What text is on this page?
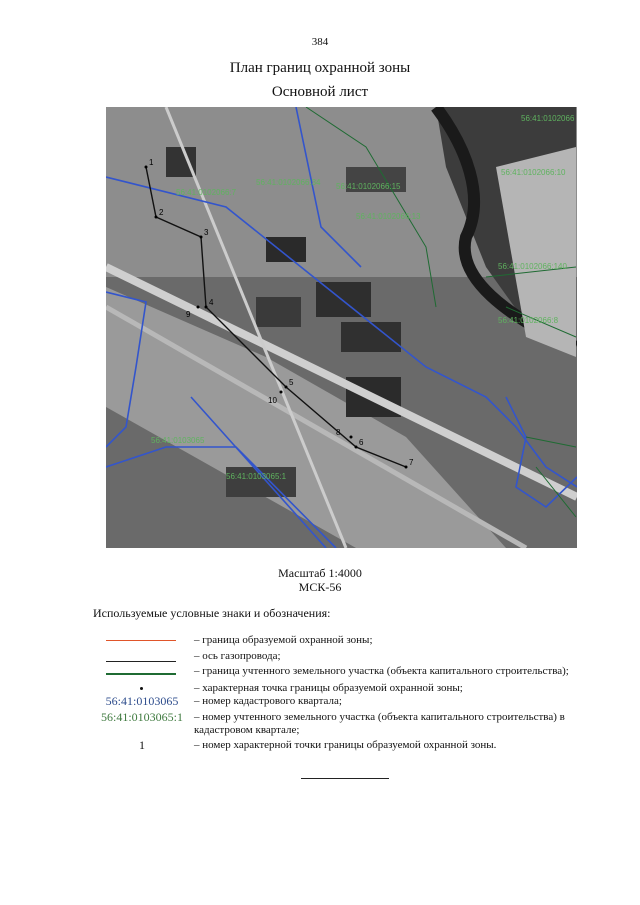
384
План границ охранной зоны
Основной лист
56:41:0102066
56:41:0102066:34 56:41:0102066:15
56:41:0102066:7
56:41:0102066:13
56:41:0102066:140
56:41:0102066:8
56:41:0102066:10
56:41:0103065
56:41:0103065:1
1
2
3
4
5
6
7
8
9
10
Масштаб 1:4000
МСК-56
Используемые условные знаки и обозначения:
– граница образуемой охранной зоны;
– ось газопровода;
– граница учтенного земельного участка (объекта капитального строительства);
– характерная точка границы образуемой охранной зоны;
56:41:0103065	– номер кадастрового квартала;
56:41:0103065:1	– номер учтенного земельного участка (объекта капитального строительства) в кадастровом квартале;
1	– номер характерной точки границы образуемой охранной зоны.
